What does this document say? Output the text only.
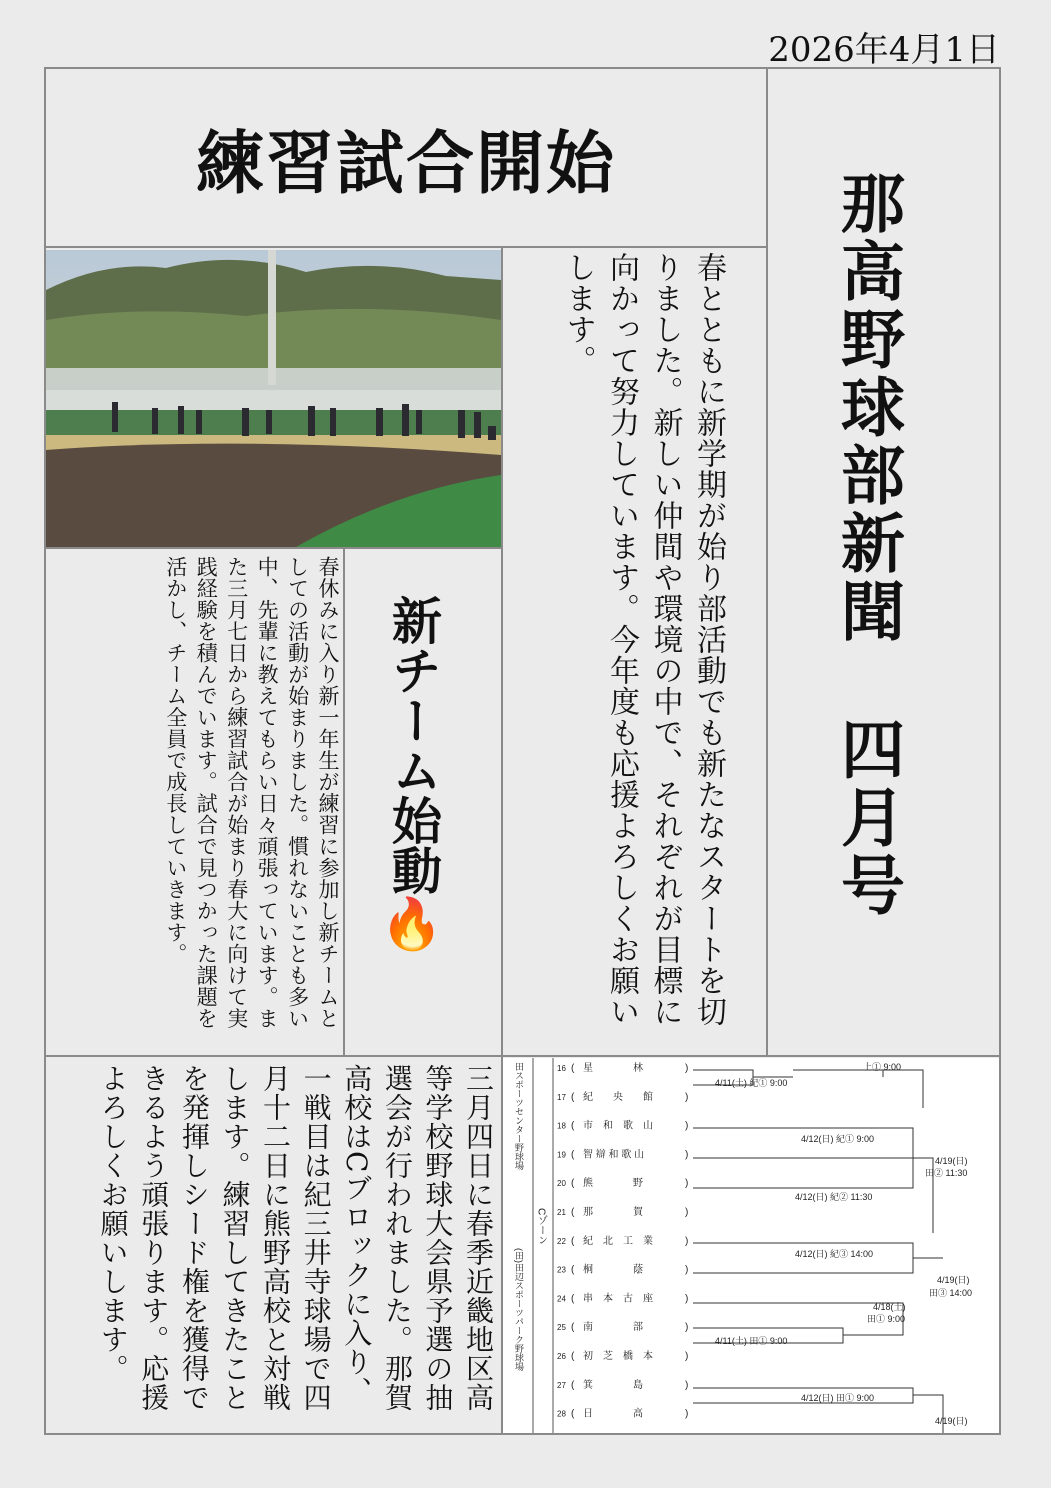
2026年4月1日
練習試合開始
那高野球部新聞四月号
春とともに新学期が始り部活動でも新たなスタートを切りました。新しい仲間や環境の中で、それぞれが目標に向かって努力しています。今年度も応援よろしくお願いします。
新チーム始動🔥
春休みに入り新一年生が練習に参加し新チームとしての活動が始まりました。慣れないことも多い中、先輩に教えてもらい日々頑張っています。また三月七日から練習試合が始まり春大に向けて実践経験を積んでいます。試合で見つかった課題を活かし、チーム全員で成長していきます。
三月四日に春季近畿地区高等学校野球大会県予選の抽選会が行われました。那賀高校はCブロックに入り、一戦目は紀三井寺球場で四月十二日に熊野高校と対戦します。練習してきたことを発揮しシード権を獲得できるよう頑張ります。応援よろしくお願いします。	田スポーツセンター野球場
Cゾーン
(田)田辺スポーツパーク野球場
16 ( 星　　　　林	)
17 ( 紀　　央　　館	)
18 ( 市　和　歌　山	)
19 ( 智 辯 和 歌 山	)
20 ( 熊　　　　野	)
21 ( 那　　　　賀	)
22 ( 紀　北　工　業	)
23 ( 桐　　　　蔭	)
24 ( 串　本　古　座	)
25 ( 南　　　　部	)
26 ( 初　芝　橋　本	)
27 ( 箕　　　　島	)
28 ( 日　　　　高	)
上① 9:00
4/11(土) 紀① 9:00
4/12(日) 紀① 9:00
4/19(日)
田② 11:30
4/12(日) 紀② 11:30
4/12(日) 紀③ 14:00
4/19(日)
田③ 14:00
4/18(土)
田① 9:00
4/11(土) 田① 9:00
4/12(日) 田① 9:00
4/19(日)
